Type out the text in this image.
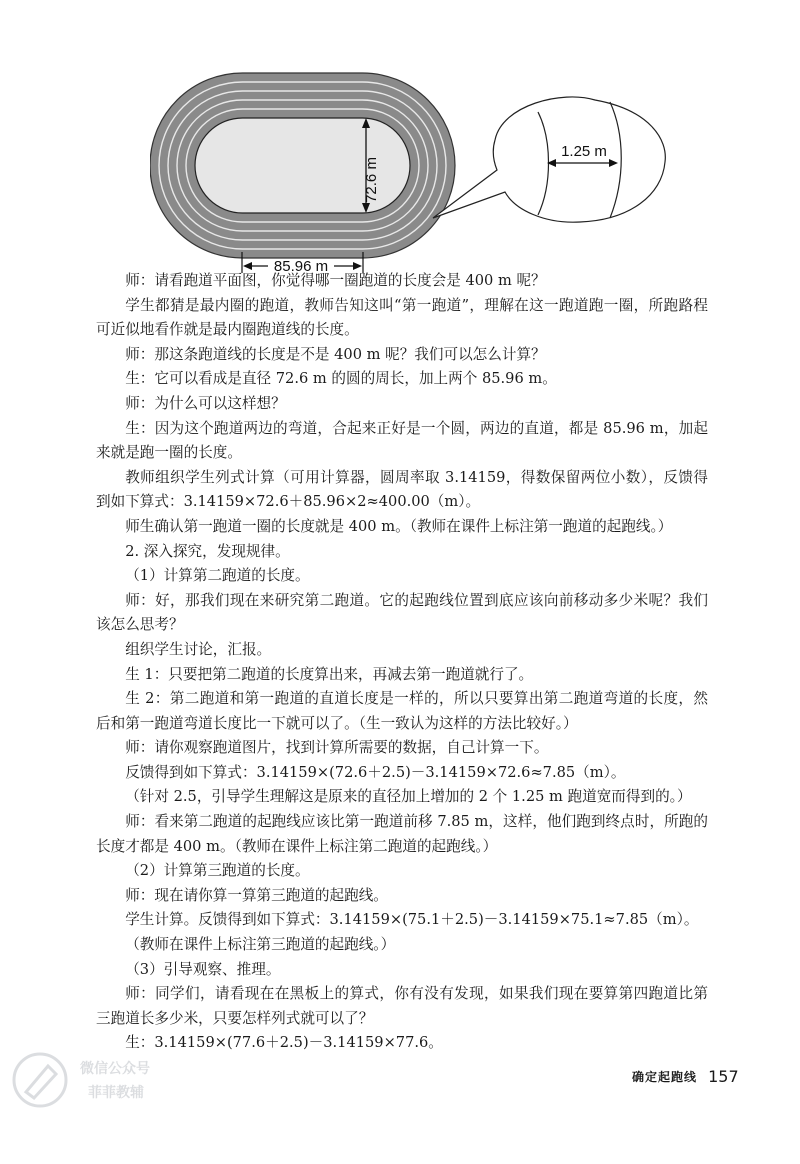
72.6 m
85.96 m
1.25 m

师：请看跑道平面图，你觉得哪一圈跑道的长度会是 400 m 呢？

学生都猜是最内圈的跑道，教师告知这叫“第一跑道”，理解在这一跑道跑一圈，所跑路程可近似地看作就是最内圈跑道线的长度。

师：那这条跑道线的长度是不是 400 m 呢？我们可以怎么计算？

生：它可以看成是直径 72.6 m 的圆的周长，加上两个 85.96 m。

师：为什么可以这样想？

生：因为这个跑道两边的弯道，合起来正好是一个圆，两边的直道，都是 85.96 m，加起来就是跑一圈的长度。

教师组织学生列式计算（可用计算器，圆周率取 3.14159，得数保留两位小数），反馈得到如下算式：3.14159×72.6＋85.96×2≈400.00（m）。

师生确认第一跑道一圈的长度就是 400 m。（教师在课件上标注第一跑道的起跑线。）

2. 深入探究，发现规律。

（1）计算第二跑道的长度。

师：好，那我们现在来研究第二跑道。它的起跑线位置到底应该向前移动多少米呢？我们该怎么思考？

组织学生讨论，汇报。

生 1：只要把第二跑道的长度算出来，再减去第一跑道就行了。

生 2：第二跑道和第一跑道的直道长度是一样的，所以只要算出第二跑道弯道的长度，然后和第一跑道弯道长度比一下就可以了。（生一致认为这样的方法比较好。）

师：请你观察跑道图片，找到计算所需要的数据，自己计算一下。

反馈得到如下算式：3.14159×(72.6＋2.5)－3.14159×72.6≈7.85（m）。

（针对 2.5，引导学生理解这是原来的直径加上增加的 2 个 1.25 m 跑道宽而得到的。）

师：看来第二跑道的起跑线应该比第一跑道前移 7.85 m，这样，他们跑到终点时，所跑的长度才都是 400 m。（教师在课件上标注第二跑道的起跑线。）

（2）计算第三跑道的长度。

师：现在请你算一算第三跑道的起跑线。

学生计算。反馈得到如下算式：3.14159×(75.1＋2.5)－3.14159×75.1≈7.85（m）。

（教师在课件上标注第三跑道的起跑线。）

（3）引导观察、推理。

师：同学们，请看现在在黑板上的算式，你有没有发现，如果我们现在要算第四跑道比第三跑道长多少米，只要怎样列式就可以了？

生：3.14159×(77.6＋2.5)－3.14159×77.6。

微信公众号
菲菲教辅
确定起跑线 157
